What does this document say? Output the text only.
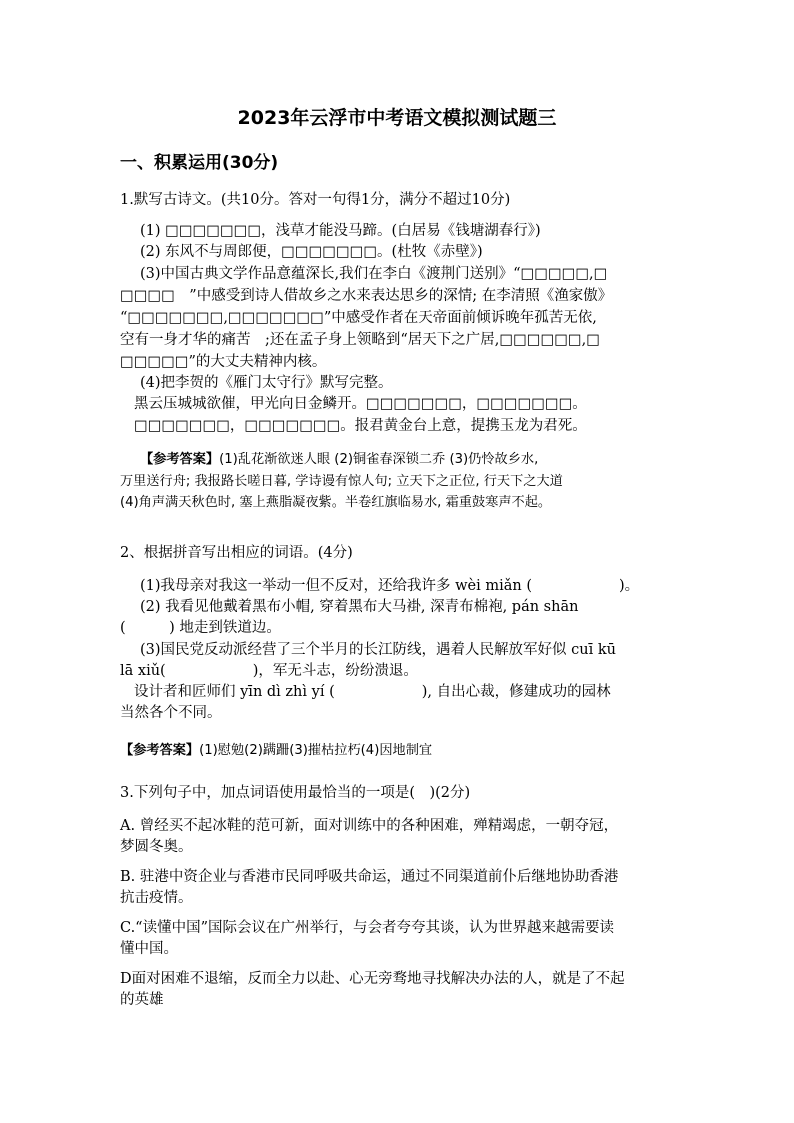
2023年云浮市中考语文模拟测试题三
一、积累运用(30分)
1.默写古诗文。(共10分。答对一句得1分，满分不超过10分)
(1) □□□□□□□，浅草才能没马蹄。(白居易《钱塘湖春行》)
(2) 东风不与周郎便，□□□□□□□。(杜牧《赤壁》)
(3)中国古典文学作品意蕴深长,我们在李白《渡荆门送别》“□□□□□,□
□□□□　”中感受到诗人借故乡之水来表达思乡的深情; 在李清照《渔家傲》
“□□□□□□□,□□□□□□□”中感受作者在天帝面前倾诉晚年孤苦无依,
空有一身才华的痛苦　;还在孟子身上领略到“居天下之广居,□□□□□□,□
□□□□□”的大丈夫精神内核。
(4)把李贺的《雁门太守行》默写完整。
黑云压城城欲催，甲光向日金鳞开。□□□□□□□，□□□□□□□。
□□□□□□□，□□□□□□□。报君黄金台上意，提携玉龙为君死。
【参考答案】(1)乱花渐欲迷人眼 (2)铜雀春深锁二乔 (3)仍怜故乡水,
万里送行舟; 我报路长嗟日暮, 学诗谩有惊人句; 立天下之正位, 行天下之大道
(4)角声满天秋色时, 塞上燕脂凝夜紫。半卷红旗临易水, 霜重鼓寒声不起。
2、根据拼音写出相应的词语。(4分)
(1)我母亲对我这一举动一但不反对，还给我许多 wèi miǎn (　　　　　　)。
(2) 我看见他戴着黑布小帽, 穿着黑布大马褂, 深青布棉袍, pán shān
(　　　) 地走到铁道边。
(3)国民党反动派经营了三个半月的长江防线，遇着人民解放军好似 cuī kū
lā xiǔ(　　　　　　)，军无斗志，纷纷溃退。
设计者和匠师们 yīn dì zhì yí (　　　　　　), 自出心裁，修建成功的园林
当然各个不同。
【参考答案】(1)慰勉(2)蹒跚(3)摧枯拉朽(4)因地制宜
3.下列句子中，加点词语使用最恰当的一项是(　)(2分)
A. 曾经买不起冰鞋的范可新，面对训练中的各种困难，殚精竭虑，一朝夺冠，
梦圆冬奥。
B. 驻港中资企业与香港市民同呼吸共命运，通过不同渠道前仆后继地协助香港
抗击疫情。
C.“读懂中国”国际会议在广州举行，与会者夸夸其谈，认为世界越来越需要读
懂中国。
D面对困难不退缩，反而全力以赴、心无旁骛地寻找解决办法的人，就是了不起
的英雄
